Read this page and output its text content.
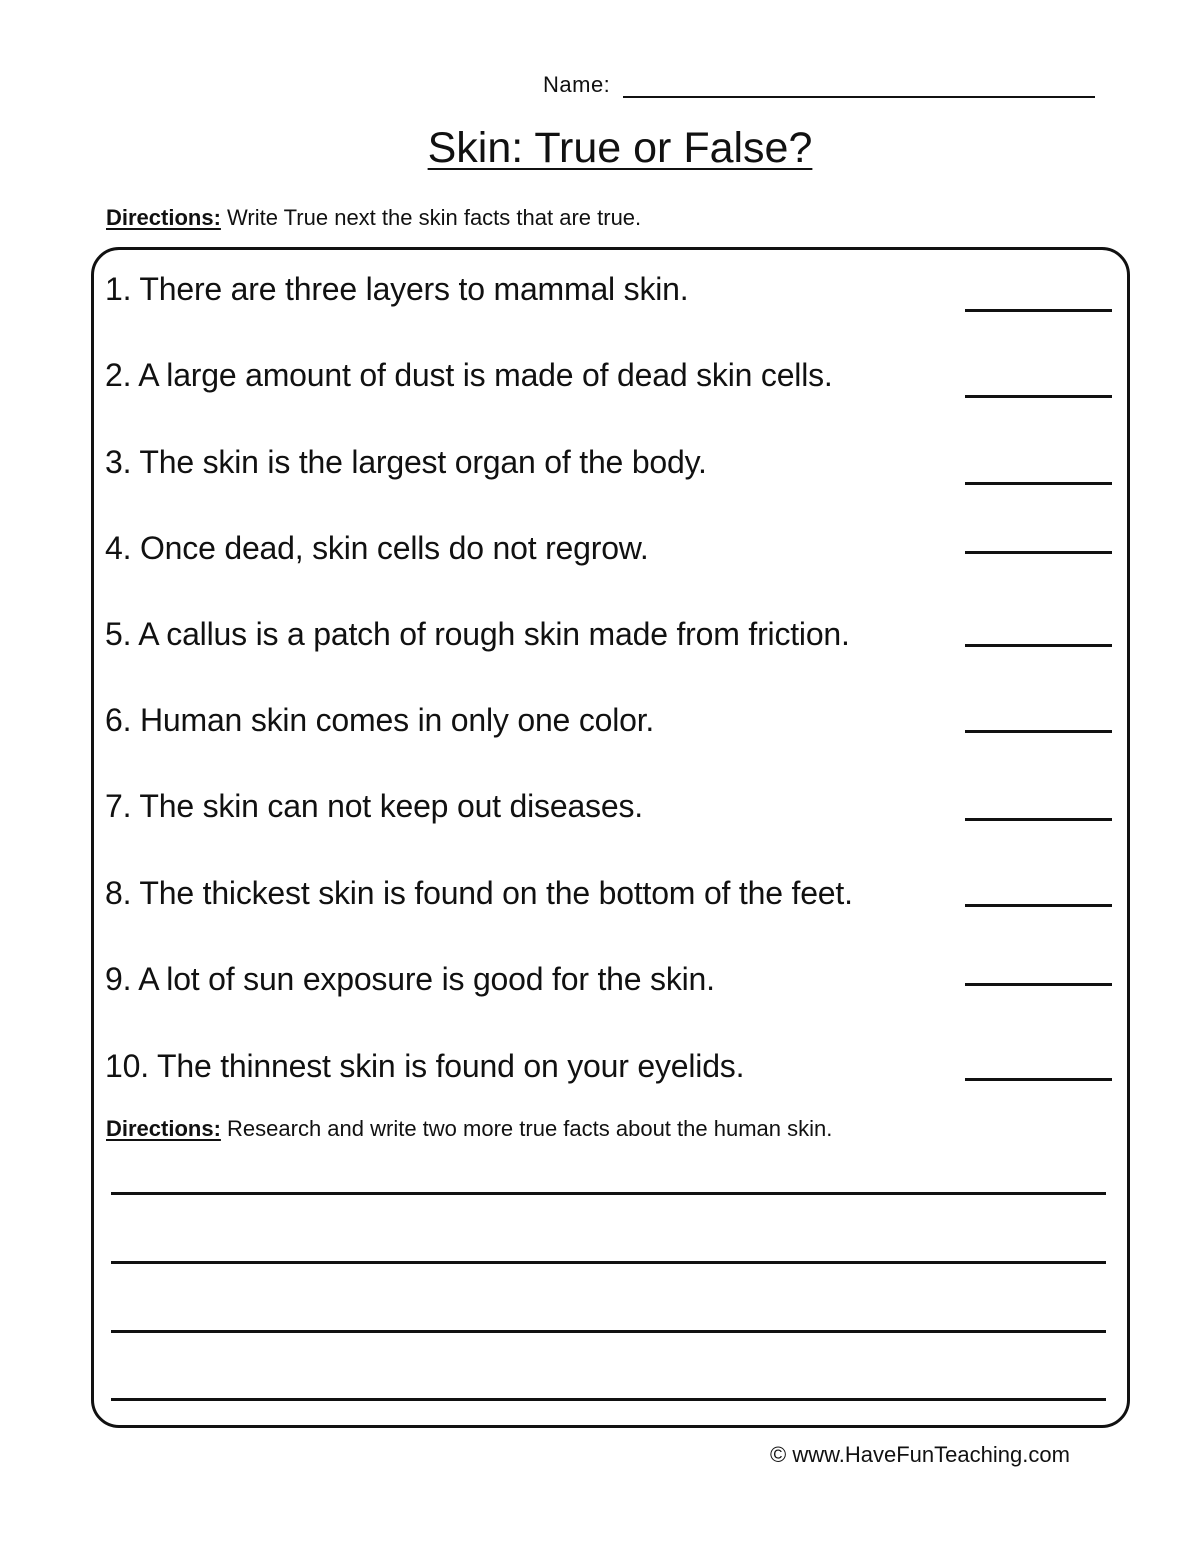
Name:
Skin: True or False?
Directions: Write True next the skin facts that are true.
1. There are three layers to mammal skin.
2. A large amount of dust is made of dead skin cells.
3. The skin is the largest organ of the body.
4. Once dead, skin cells do not regrow.
5. A callus is a patch of rough skin made from friction.
6. Human skin comes in only one color.
7. The skin can not keep out diseases.
8. The thickest skin is found on the bottom of the feet.
9. A lot of sun exposure is good for the skin.
10. The thinnest skin is found on your eyelids.
Directions: Research and write two more true facts about the human skin.
© www.HaveFunTeaching.com
